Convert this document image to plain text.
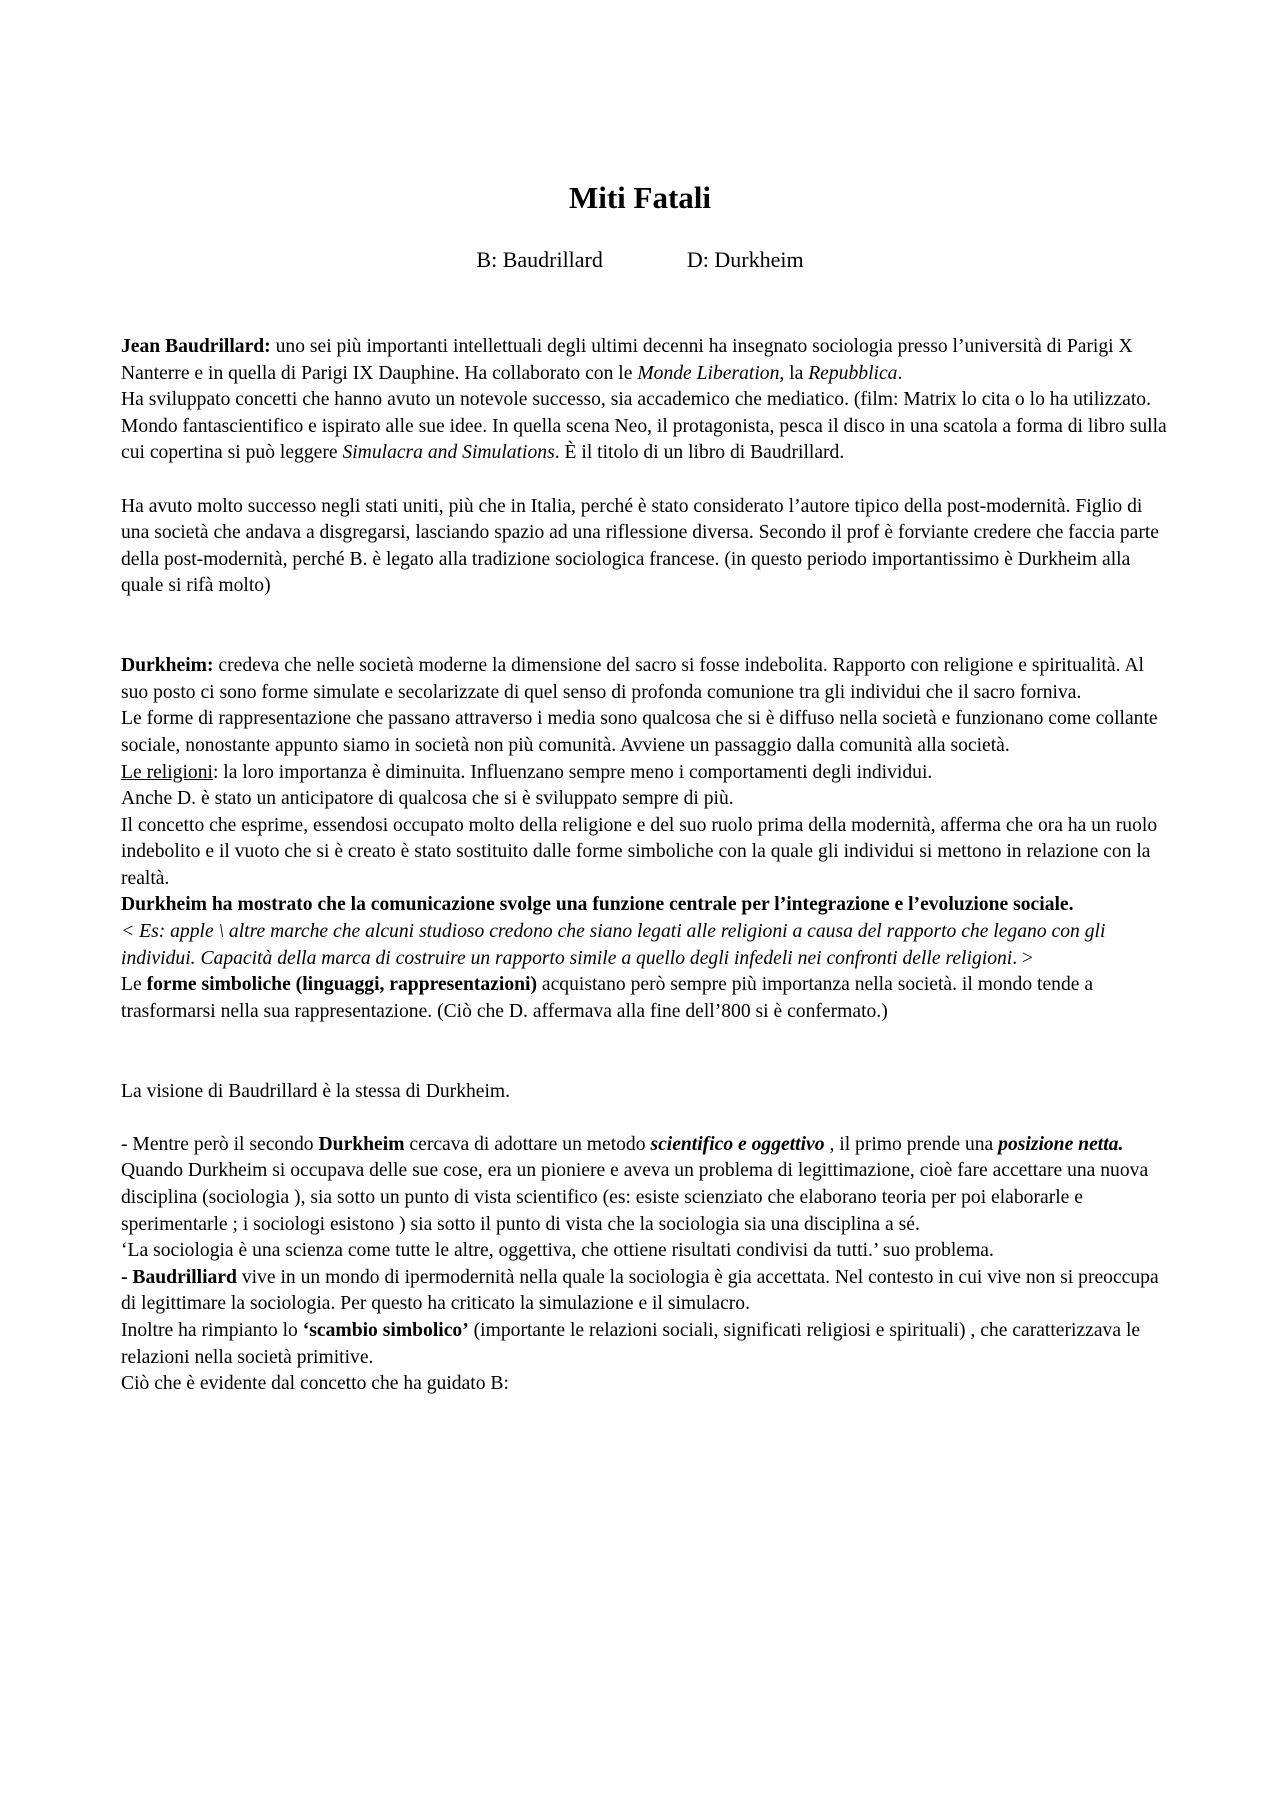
Miti Fatali

B: Baudrillard	D: Durkheim

Jean Baudrillard: uno sei più importanti intellettuali degli ultimi decenni ha insegnato sociologia presso l’università di Parigi X Nanterre e in quella di Parigi IX Dauphine. Ha collaborato con le Monde Liberation, la Repubblica.

Ha sviluppato concetti che hanno avuto un notevole successo, sia accademico che mediatico. (film: Matrix lo cita o lo ha utilizzato. Mondo fantascientifico e ispirato alle sue idee. In quella scena Neo, il protagonista, pesca il disco in una scatola a forma di libro sulla cui copertina si può leggere Simulacra and Simulations. È il titolo di un libro di Baudrillard.

Ha avuto molto successo negli stati uniti, più che in Italia, perché è stato considerato l’autore tipico della post-modernità. Figlio di una società che andava a disgregarsi, lasciando spazio ad una riflessione diversa. Secondo il prof è forviante credere che faccia parte della post-modernità, perché B. è legato alla tradizione sociologica francese. (in questo periodo importantissimo è Durkheim alla quale si rifà molto)

Durkheim: credeva che nelle società moderne la dimensione del sacro si fosse indebolita. Rapporto con religione e spiritualità. Al suo posto ci sono forme simulate e secolarizzate di quel senso di profonda comunione tra gli individui che il sacro forniva.

Le forme di rappresentazione che passano attraverso i media sono qualcosa che si è diffuso nella società e funzionano come collante sociale, nonostante appunto siamo in società non più comunità. Avviene un passaggio dalla comunità alla società.

Le religioni: la loro importanza è diminuita. Influenzano sempre meno i comportamenti degli individui.

Anche D. è stato un anticipatore di qualcosa che si è sviluppato sempre di più.

Il concetto che esprime, essendosi occupato molto della religione e del suo ruolo prima della modernità, afferma che ora ha un ruolo indebolito e il vuoto che si è creato è stato sostituito dalle forme simboliche con la quale gli individui si mettono in relazione con la realtà.

Durkheim ha mostrato che la comunicazione svolge una funzione centrale per l’integrazione e l’evoluzione sociale.

< Es: apple \ altre marche che alcuni studioso credono che siano legati alle religioni a causa del rapporto che legano con gli individui. Capacità della marca di costruire un rapporto simile a quello degli infedeli nei confronti delle religioni. >

Le forme simboliche (linguaggi, rappresentazioni) acquistano però sempre più importanza nella società. il mondo tende a trasformarsi nella sua rappresentazione. (Ciò che D. affermava alla fine dell’800 si è confermato.)

La visione di Baudrillard è la stessa di Durkheim.

- Mentre però il secondo Durkheim cercava di adottare un metodo scientifico e oggettivo , il primo prende una posizione netta.

Quando Durkheim si occupava delle sue cose, era un pioniere e aveva un problema di legittimazione, cioè fare accettare una nuova disciplina (sociologia ), sia sotto un punto di vista scientifico (es: esiste scienziato che elaborano teoria per poi elaborarle e sperimentarle ; i sociologi esistono ) sia sotto il punto di vista che la sociologia sia una disciplina a sé.

‘La sociologia è una scienza come tutte le altre, oggettiva, che ottiene risultati condivisi da tutti.’ suo problema.

- Baudrilliard vive in un mondo di ipermodernità nella quale la sociologia è gia accettata. Nel contesto in cui vive non si preoccupa di legittimare la sociologia. Per questo ha criticato la simulazione e il simulacro.

Inoltre ha rimpianto lo ‘scambio simbolico’ (importante le relazioni sociali, significati religiosi e spirituali) , che caratterizzava le relazioni nella società primitive.

Ciò che è evidente dal concetto che ha guidato B:
